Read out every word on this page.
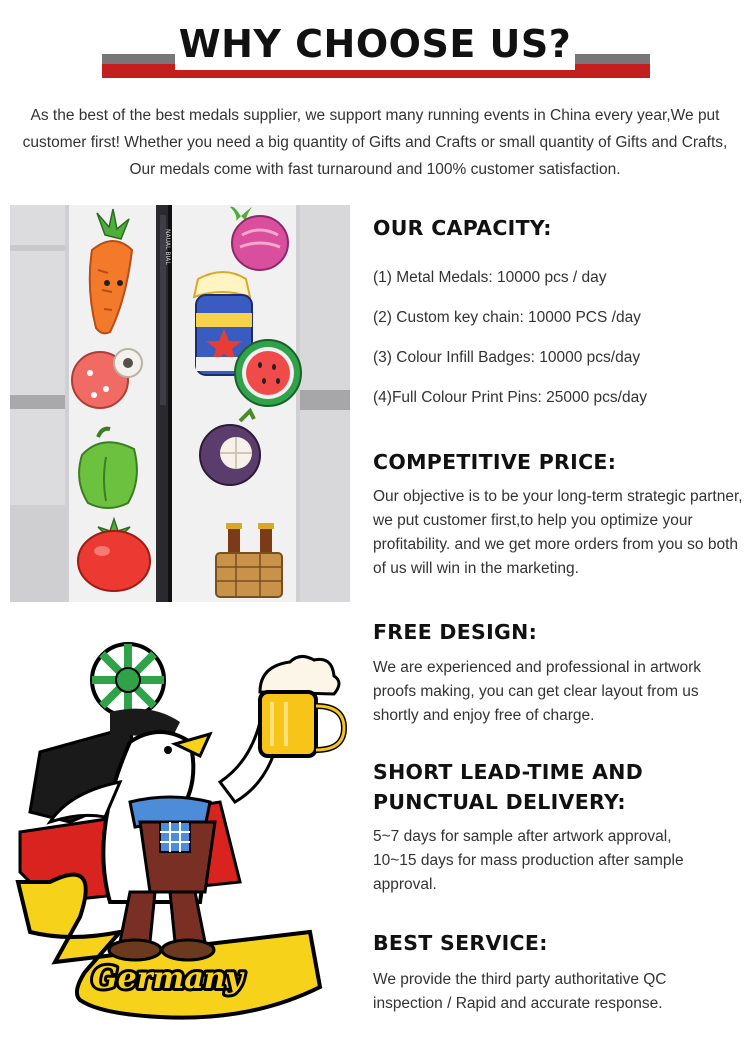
WHY CHOOSE US?

As the best of the best medals supplier, we support many running events in China every year,We put customer first! Whether you need a big quantity of Gifts and Crafts or small quantity of Gifts and Crafts, Our medals come with fast turnaround and 100% customer satisfaction.

NAUAL BIAL
Germany
OUR CAPACITY:
(1) Metal Medals: 10000 pcs / day
(2) Custom key chain: 10000 PCS /day
(3) Colour Infill Badges: 10000 pcs/day
(4)Full Colour Print Pins: 25000 pcs/day
COMPETITIVE PRICE:

Our objective is to be your long-term strategic partner, we put customer first,to help you optimize your profitability. and we get more orders from you so both of us will win in the marketing.

FREE DESIGN:

We are experienced and professional in artwork proofs making, you can get clear layout from us shortly and enjoy free of charge.

SHORT LEAD-TIME AND
PUNCTUAL DELIVERY:
5~7 days for sample after artwork approval,
10~15 days for mass production after sample
approval.
BEST SERVICE:
We provide the third party authoritative QC
inspection / Rapid and accurate response.
